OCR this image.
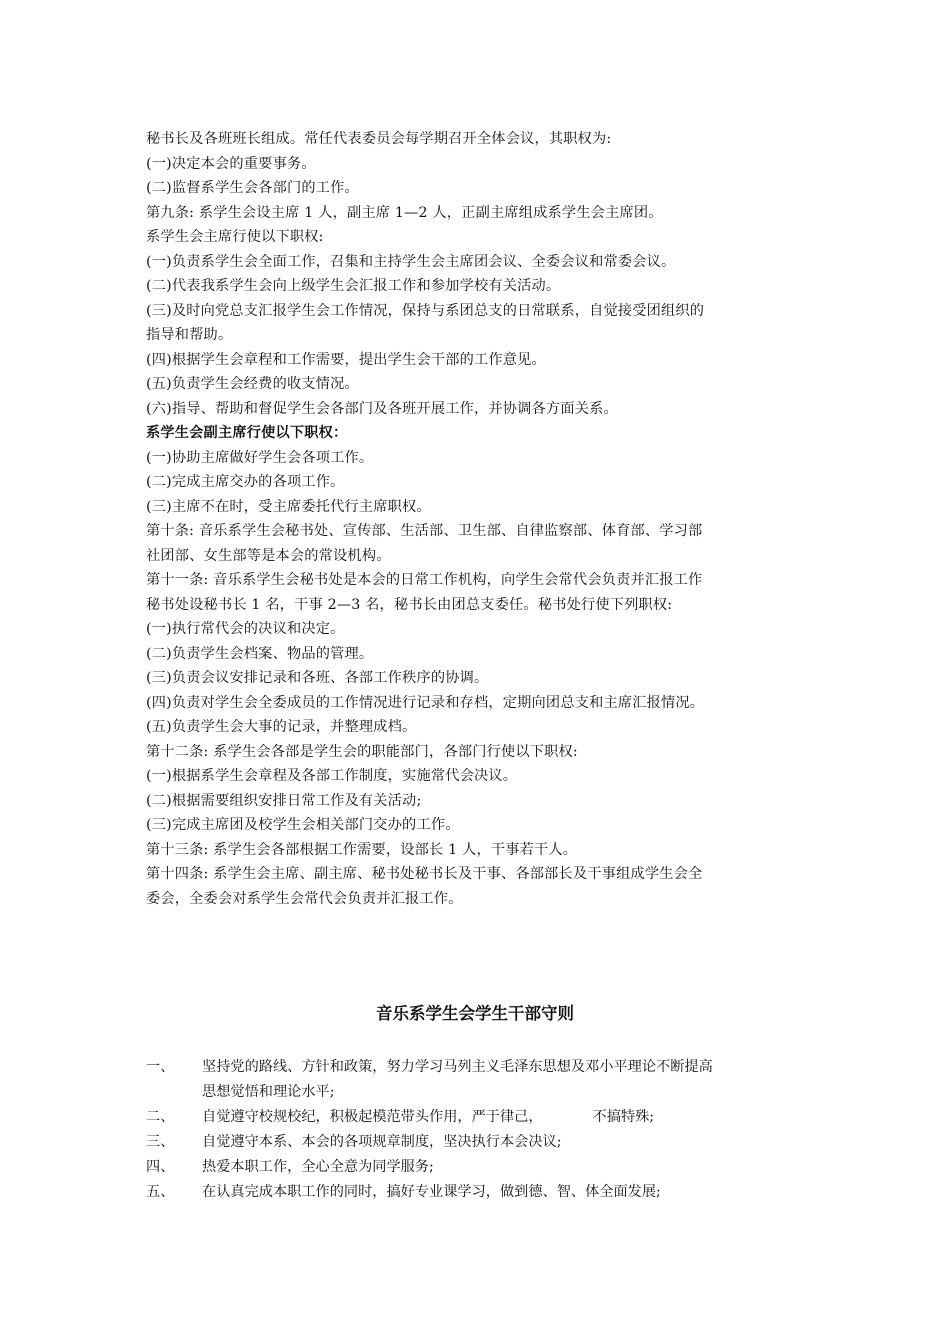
秘书长及各班班长组成。常任代表委员会每学期召开全体会议，其职权为:
(一)决定本会的重要事务。
(二)监督系学生会各部门的工作。
第九条: 系学生会设主席 1 人，副主席 1—2 人，正副主席组成系学生会主席团。
系学生会主席行使以下职权:
(一)负责系学生会全面工作，召集和主持学生会主席团会议、全委会议和常委会议。
(二)代表我系学生会向上级学生会汇报工作和参加学校有关活动。
(三)及时向党总支汇报学生会工作情况，保持与系团总支的日常联系，自觉接受团组织的
指导和帮助。
(四)根据学生会章程和工作需要，提出学生会干部的工作意见。
(五)负责学生会经费的收支情况。
(六)指导、帮助和督促学生会各部门及各班开展工作，并协调各方面关系。
系学生会副主席行使以下职权：
(一)协助主席做好学生会各项工作。
(二)完成主席交办的各项工作。
(三)主席不在时，受主席委托代行主席职权。
第十条: 音乐系学生会秘书处、宣传部、生活部、卫生部、自律监察部、体育部、学习部
社团部、女生部等是本会的常设机构。
第十一条: 音乐系学生会秘书处是本会的日常工作机构，向学生会常代会负责并汇报工作
秘书处设秘书长 1 名，干事 2—3 名，秘书长由团总支委任。秘书处行使下列职权:
(一)执行常代会的决议和决定。
(二)负责学生会档案、物品的管理。
(三)负责会议安排记录和各班、各部工作秩序的协调。
(四)负责对学生会全委成员的工作情况进行记录和存档，定期向团总支和主席汇报情况。
(五)负责学生会大事的记录，并整理成档。
第十二条: 系学生会各部是学生会的职能部门，各部门行使以下职权:
(一)根据系学生会章程及各部工作制度，实施常代会决议。
(二)根据需要组织安排日常工作及有关活动;
(三)完成主席团及校学生会相关部门交办的工作。
第十三条: 系学生会各部根据工作需要，设部长 1 人，干事若干人。
第十四条: 系学生会主席、副主席、秘书处秘书长及干事、各部部长及干事组成学生会全
委会，全委会对系学生会常代会负责并汇报工作。
音乐系学生会学生干部守则
一、 坚持党的路线、方针和政策，努力学习马列主义毛泽东思想及邓小平理论不断提高
思想觉悟和理论水平;
二、 自觉遵守校规校纪，积极起模范带头作用，严于律己，	不搞特殊;
三、 自觉遵守本系、本会的各项规章制度，坚决执行本会决议;
四、 热爱本职工作，全心全意为同学服务;
五、 在认真完成本职工作的同时，搞好专业课学习，做到德、智、体全面发展;
